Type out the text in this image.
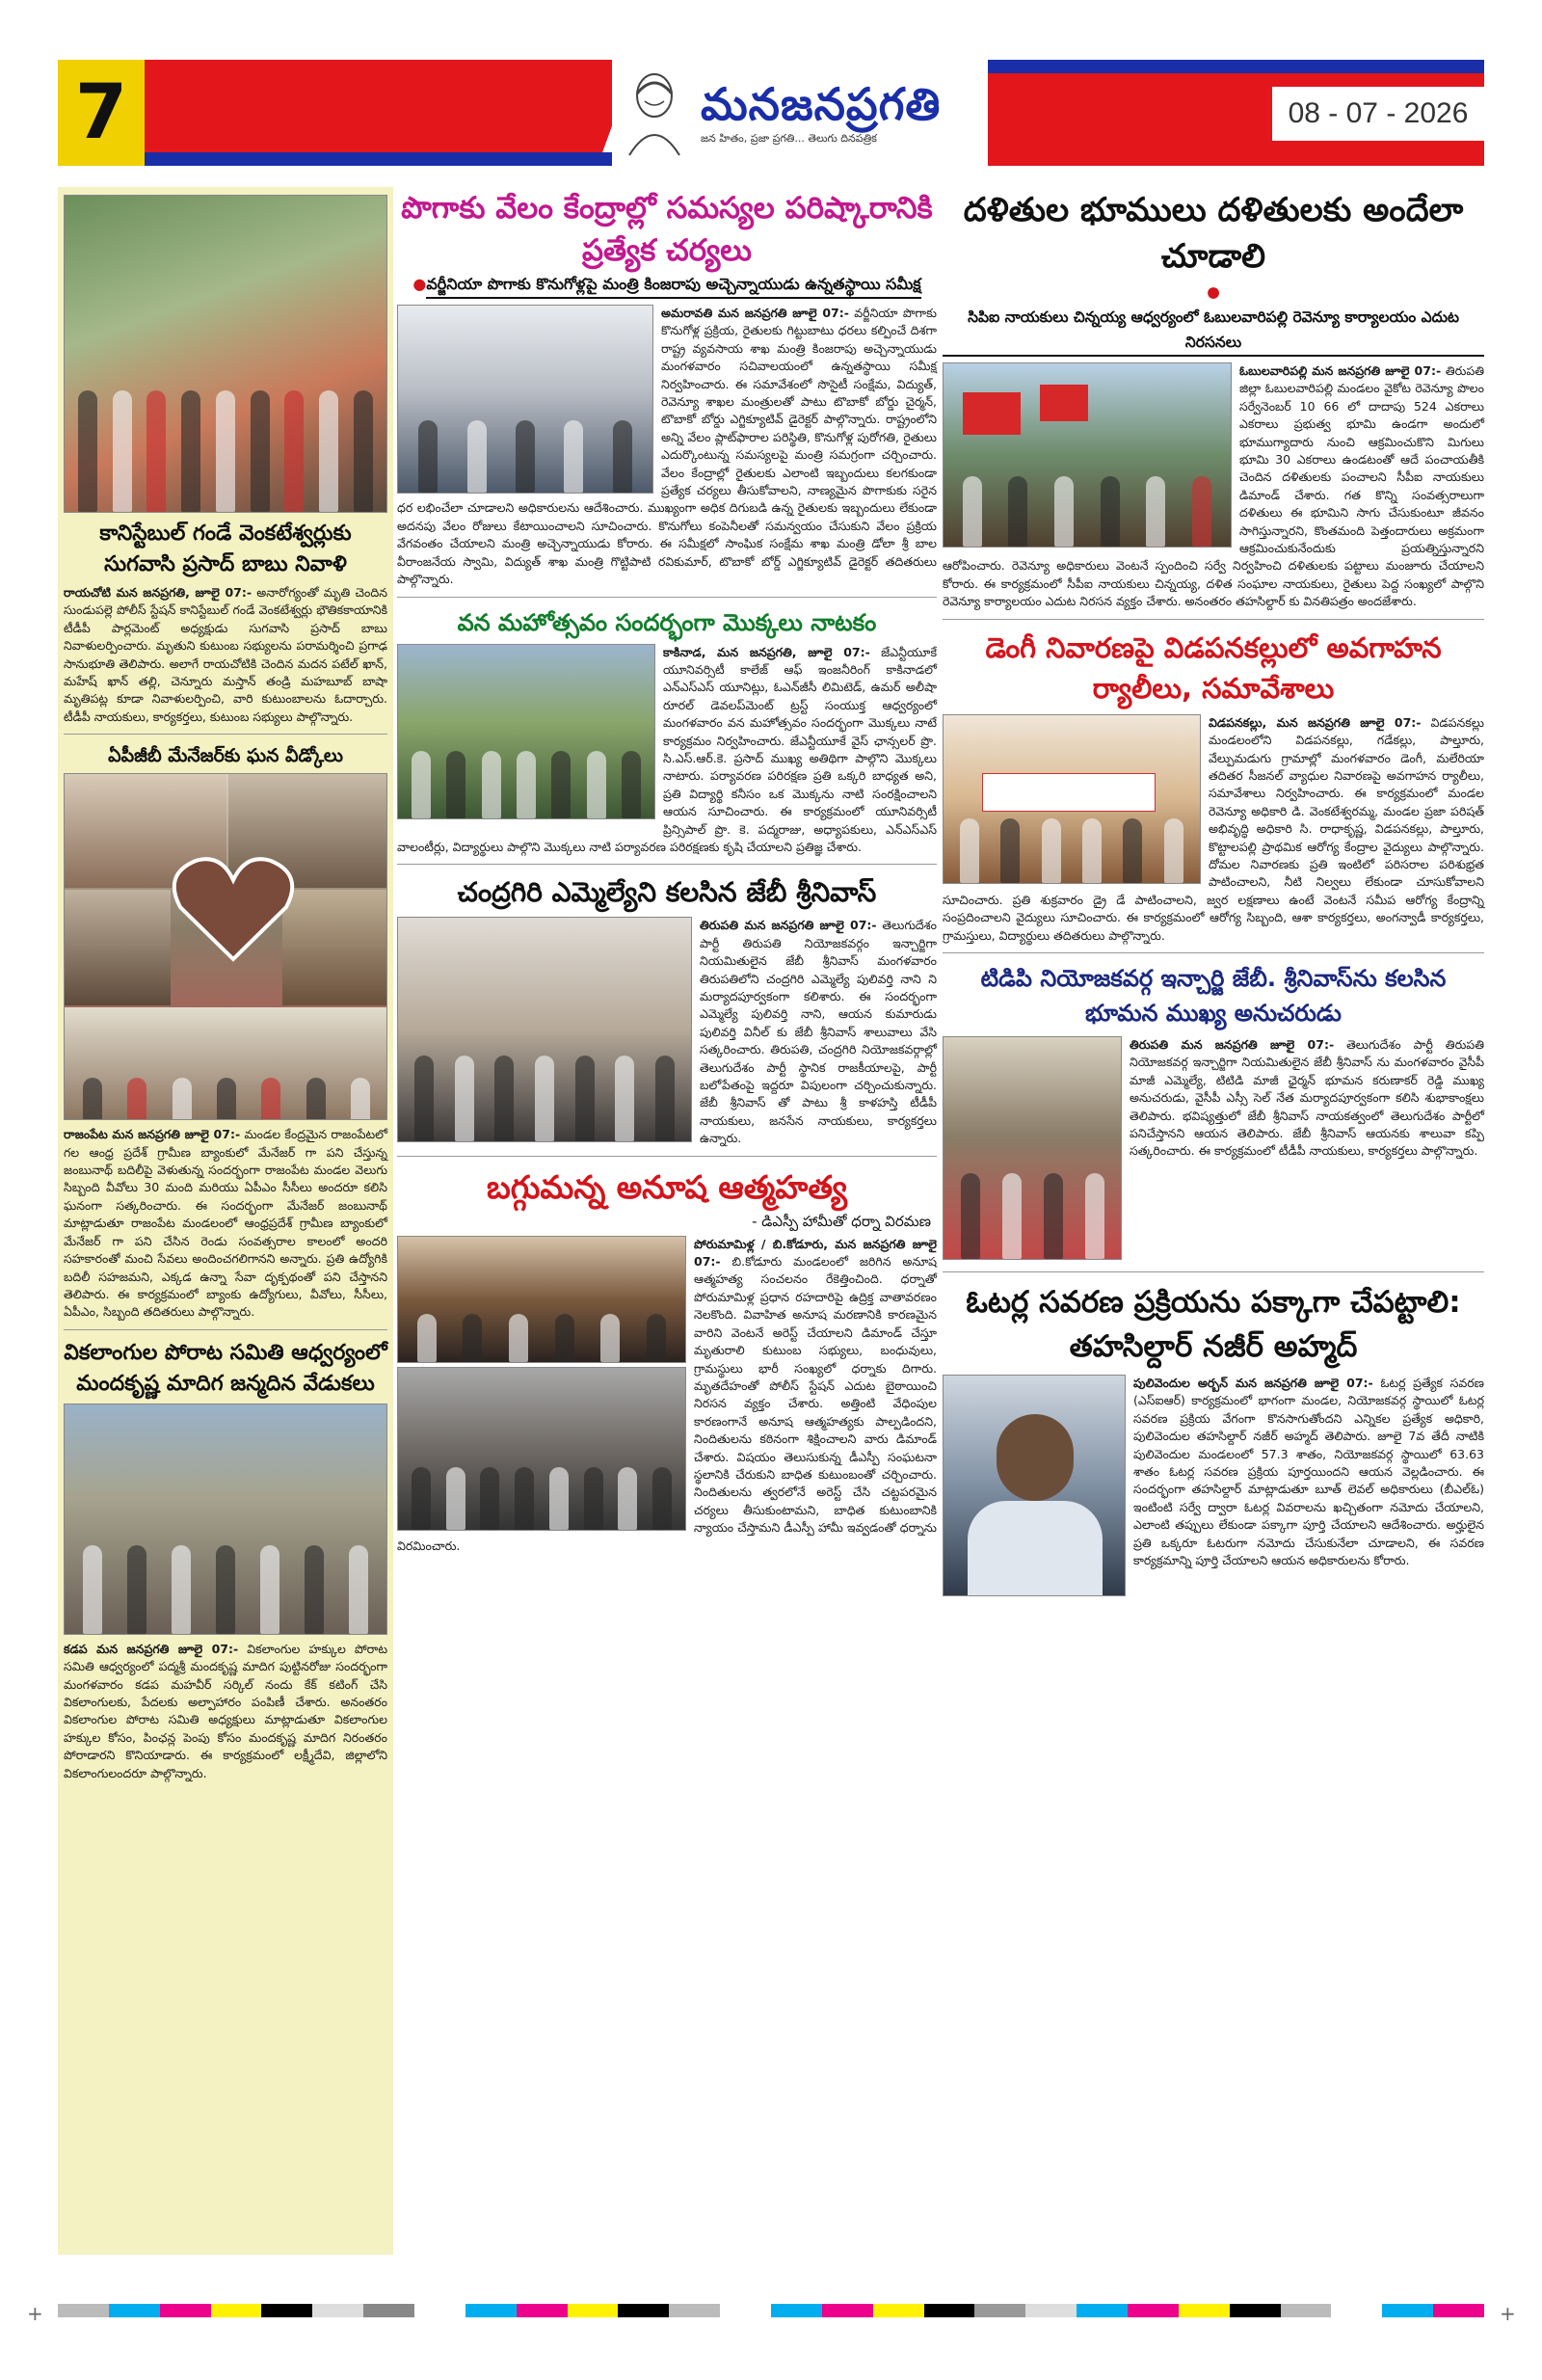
7	మనజనప్రగతి
జన హితం, ప్రజా ప్రగతి... తెలుగు దినపత్రిక
08 - 07 - 2026
కానిస్టేబుల్ గండే వెంకటేశ్వర్లుకు సుగవాసి ప్రసాద్ బాబు నివాళి

రాయచోటి మన జనప్రగతి, జూలై 07:- అనారోగ్యంతో మృతి చెందిన సుండుపల్లె పోలీస్ స్టేషన్ కానిస్టేబుల్ గండే వెంకటేశ్వర్లు భౌతికకాయానికి టీడీపీ పార్లమెంట్ అధ్యక్షుడు సుగవాసి ప్రసాద్ బాబు నివాళులర్పించారు. మృతుని కుటుంబ సభ్యులను పరామర్శించి ప్రగాఢ సానుభూతి తెలిపారు. అలాగే రాయచోటికి చెందిన మదన పటేల్ ఖాన్, మహేష్ ఖాన్ తల్లి, చెన్నూరు మస్తాన్ తండ్రి మహబూబ్ బాషా మృతిపట్ల కూడా నివాళులర్పించి, వారి కుటుంబాలను ఓదార్చారు. టీడీపీ నాయకులు, కార్యకర్తలు, కుటుంబ సభ్యులు పాల్గొన్నారు.

ఏపీజీబీ మేనేజర్‌కు ఘన వీడ్కోలు

రాజంపేట మన జనప్రగతి జూలై 07:- మండల కేంద్రమైన రాజంపేటలో గల ఆంధ్ర ప్రదేశ్ గ్రామీణ బ్యాంకులో మేనేజర్ గా పని చేస్తున్న జంబునాథ్ బదిలీపై వెళుతున్న సందర్భంగా రాజంపేట మండల వెలుగు సిబ్బంది వీవోలు 30 మంది మరియు ఏపీఎం సీసీలు అందరూ కలిసి ఘనంగా సత్కరించారు. ఈ సందర్భంగా మేనేజర్ జంబునాథ్ మాట్లాడుతూ రాజంపేట మండలంలో ఆంధ్రప్రదేశ్ గ్రామీణ బ్యాంకులో మేనేజర్ గా పని చేసిన రెండు సంవత్సరాల కాలంలో అందరి సహకారంతో మంచి సేవలు అందించగలిగానని అన్నారు. ప్రతి ఉద్యోగికి బదిలీ సహజమని, ఎక్కడ ఉన్నా సేవా దృక్పథంతో పని చేస్తానని తెలిపారు. ఈ కార్యక్రమంలో బ్యాంకు ఉద్యోగులు, వీవోలు, సీసీలు, ఏపీఎం, సిబ్బంది తదితరులు పాల్గొన్నారు.

వికలాంగుల పోరాట సమితి ఆధ్వర్యంలో మందకృష్ణ మాదిగ జన్మదిన వేడుకలు

కడప మన జనప్రగతి జూలై 07:- వికలాంగుల హక్కుల పోరాట సమితి ఆధ్వర్యంలో పద్మశ్రీ మందకృష్ణ మాదిగ పుట్టినరోజు సందర్భంగా మంగళవారం కడప మహవీర్ సర్కిల్ నందు కేక్ కటింగ్ చేసి వికలాంగులకు, పేదలకు అల్పాహారం పంపిణీ చేశారు. అనంతరం వికలాంగుల పోరాట సమితి అధ్యక్షులు మాట్లాడుతూ వికలాంగుల హక్కుల కోసం, పింఛన్ల పెంపు కోసం మందకృష్ణ మాదిగ నిరంతరం పోరాడారని కొనియాడారు. ఈ కార్యక్రమంలో లక్ష్మీదేవి, జిల్లాలోని వికలాంగులందరూ పాల్గొన్నారు.

పొగాకు వేలం కేంద్రాల్లో సమస్యల పరిష్కారానికి ప్రత్యేక చర్యలు

●వర్జీనియా పొగాకు కొనుగోళ్లపై మంత్రి కింజరాపు అచ్చెన్నాయుడు ఉన్నతస్థాయి సమీక్ష

అమరావతి మన జనప్రగతి జూలై 07:- వర్జీనియా పొగాకు కొనుగోళ్ల ప్రక్రియ, రైతులకు గిట్టుబాటు ధరలు కల్పించే దిశగా రాష్ట్ర వ్యవసాయ శాఖ మంత్రి కింజరాపు అచ్చెన్నాయుడు మంగళవారం సచివాలయంలో ఉన్నతస్థాయి సమీక్ష నిర్వహించారు. ఈ సమావేశంలో సొసైటీ సంక్షేమ, విద్యుత్, రెవెన్యూ శాఖల మంత్రులతో పాటు టొబాకో బోర్డు చైర్మన్, టొబాకో బోర్డు ఎగ్జిక్యూటివ్ డైరెక్టర్ పాల్గొన్నారు. రాష్ట్రంలోని అన్ని వేలం ప్లాట్‌ఫారాల పరిస్థితి, కొనుగోళ్ల పురోగతి, రైతులు ఎదుర్కొంటున్న సమస్యలపై మంత్రి సమగ్రంగా చర్చించారు. వేలం కేంద్రాల్లో రైతులకు ఎలాంటి ఇబ్బందులు కలగకుండా ప్రత్యేక చర్యలు తీసుకోవాలని, నాణ్యమైన పొగాకుకు సరైన ధర లభించేలా చూడాలని అధికారులను ఆదేశించారు. ముఖ్యంగా అధిక దిగుబడి ఉన్న రైతులకు ఇబ్బందులు లేకుండా అదనపు వేలం రోజులు కేటాయించాలని సూచించారు. కొనుగోలు కంపెనీలతో సమన్వయం చేసుకుని వేలం ప్రక్రియ వేగవంతం చేయాలని మంత్రి అచ్చెన్నాయుడు కోరారు. ఈ సమీక్షలో సాంఘిక సంక్షేమ శాఖ మంత్రి డోలా శ్రీ బాల వీరాంజనేయ స్వామి, విద్యుత్ శాఖ మంత్రి గొట్టిపాటి రవికుమార్, టొబాకో బోర్డ్ ఎగ్జిక్యూటివ్ డైరెక్టర్ తదితరులు పాల్గొన్నారు.

వన మహోత్సవం సందర్భంగా మొక్కలు నాటకం

కాకినాడ, మన జనప్రగతి, జూలై 07:- జేఎన్టీయూకే యూనివర్సిటీ కాలేజ్ ఆఫ్ ఇంజనీరింగ్ కాకినాడలో ఎన్ఎస్ఎస్ యూనిట్లు, ఓఎన్‌జీసీ లిమిటెడ్, ఉమర్ అలీషా రూరల్ డెవలప్‌మెంట్ ట్రస్ట్ సంయుక్త ఆధ్వర్యంలో మంగళవారం వన మహోత్సవం సందర్భంగా మొక్కలు నాటే కార్యక్రమం నిర్వహించారు. జేఎన్టీయూకే వైస్ ఛాన్సలర్ ప్రొ. సి.ఎస్.ఆర్.కె. ప్రసాద్ ముఖ్య అతిథిగా పాల్గొని మొక్కలు నాటారు. పర్యావరణ పరిరక్షణ ప్రతి ఒక్కరి బాధ్యత అని, ప్రతి విద్యార్థి కనీసం ఒక మొక్కను నాటి సంరక్షించాలని ఆయన సూచించారు. ఈ కార్యక్రమంలో యూనివర్సిటీ ప్రిన్సిపాల్ ప్రొ. కె. పద్మరాజు, అధ్యాపకులు, ఎన్ఎస్ఎస్ వాలంటీర్లు, విద్యార్థులు పాల్గొని మొక్కలు నాటి పర్యావరణ పరిరక్షణకు కృషి చేయాలని ప్రతిజ్ఞ చేశారు.

చంద్రగిరి ఎమ్మెల్యేని కలసిన జేబీ శ్రీనివాస్

తిరుపతి మన జనప్రగతి జూలై 07:- తెలుగుదేశం పార్టీ తిరుపతి నియోజకవర్గం ఇన్చార్జిగా నియమితులైన జేబీ శ్రీనివాస్ మంగళవారం తిరుపతిలోని చంద్రగిరి ఎమ్మెల్యే పులివర్తి నాని ని మర్యాదపూర్వకంగా కలిశారు. ఈ సందర్భంగా ఎమ్మెల్యే పులివర్తి నాని, ఆయన కుమారుడు పులివర్తి వినీల్ కు జేబీ శ్రీనివాస్ శాలువాలు వేసి సత్కరించారు. తిరుపతి, చంద్రగిరి నియోజకవర్గాల్లో తెలుగుదేశం పార్టీ స్థానిక రాజకీయాలపై, పార్టీ బలోపేతంపై ఇద్దరూ విపులంగా చర్చించుకున్నారు. జేబీ శ్రీనివాస్ తో పాటు శ్రీ కాళహస్తి టీడీపీ నాయకులు, జనసేన నాయకులు, కార్యకర్తలు ఉన్నారు.

బగ్గుమన్న అనూష ఆత్మహత్య

- డిఎస్పీ హామీతో ధర్నా విరమణ

పోరుమామిళ్ల / బి.కోడూరు, మన జనప్రగతి జూలై 07:- బి.కోడూరు మండలంలో జరిగిన అనూష ఆత్మహత్య సంచలనం రేకెత్తించింది. ధర్నాతో పోరుమామిళ్ల ప్రధాన రహదారిపై ఉద్రిక్త వాతావరణం నెలకొంది. వివాహిత అనూష మరణానికి కారణమైన వారిని వెంటనే అరెస్ట్ చేయాలని డిమాండ్ చేస్తూ మృతురాలి కుటుంబ సభ్యులు, బంధువులు, గ్రామస్థులు భారీ సంఖ్యలో ధర్నాకు దిగారు. మృతదేహంతో పోలీస్ స్టేషన్ ఎదుట బైఠాయించి నిరసన వ్యక్తం చేశారు. అత్తింటి వేధింపుల కారణంగానే అనూష ఆత్మహత్యకు పాల్పడిందని, నిందితులను కఠినంగా శిక్షించాలని వారు డిమాండ్ చేశారు. విషయం తెలుసుకున్న డీఎస్పీ సంఘటనా స్థలానికి చేరుకుని బాధిత కుటుంబంతో చర్చించారు. నిందితులను త్వరలోనే అరెస్ట్ చేసి చట్టపరమైన చర్యలు తీసుకుంటామని, బాధిత కుటుంబానికి న్యాయం చేస్తామని డీఎస్పీ హామీ ఇవ్వడంతో ధర్నాను విరమించారు.

దళితుల భూములు దళితులకు అందేలా చూడాలి

●సిపిఐ నాయకులు చిన్నయ్య ఆధ్వర్యంలో ఓబులవారిపల్లి రెవెన్యూ కార్యాలయం ఎదుట నిరసనలు

ఓబులవారిపల్లి మన జనప్రగతి జూలై 07:- తిరుపతి జిల్లా ఓబులవారిపల్లి మండలం వైకోట రెవెన్యూ పొలం సర్వేనెంబర్ 10 66 లో దాదాపు 524 ఎకరాలు ఎకరాలు ప్రభుత్వ భూమి ఉండగా అందులో భూముగ్యాదారు నుంచి ఆక్రమించుకొని మిగులు భూమి 30 ఎకరాలు ఉండటంతో ఆదే పంచాయతీకి చెందిన దళితులకు పంచాలని సీపీఐ నాయకులు డిమాండ్ చేశారు. గత కొన్ని సంవత్సరాలుగా దళితులు ఈ భూమిని సాగు చేసుకుంటూ జీవనం సాగిస్తున్నారని, కొంతమంది పెత్తందారులు అక్రమంగా ఆక్రమించుకునేందుకు ప్రయత్నిస్తున్నారని ఆరోపించారు. రెవెన్యూ అధికారులు వెంటనే స్పందించి సర్వే నిర్వహించి దళితులకు పట్టాలు మంజూరు చేయాలని కోరారు. ఈ కార్యక్రమంలో సీపీఐ నాయకులు చిన్నయ్య, దళిత సంఘాల నాయకులు, రైతులు పెద్ద సంఖ్యలో పాల్గొని రెవెన్యూ కార్యాలయం ఎదుట నిరసన వ్యక్తం చేశారు. అనంతరం తహసిల్దార్ కు వినతిపత్రం అందజేశారు.

డెంగీ నివారణపై విడపనకల్లులో అవగాహన ర్యాలీలు, సమావేశాలు

విడపనకల్లు, మన జనప్రగతి జూలై 07:- విడపనకల్లు మండలంలోని విడపనకల్లు, గడేకల్లు, పాల్తూరు, వేల్పుమడుగు గ్రామాల్లో మంగళవారం డెంగీ, మలేరియా తదితర సీజనల్ వ్యాధుల నివారణపై అవగాహన ర్యాలీలు, సమావేశాలు నిర్వహించారు. ఈ కార్యక్రమంలో మండల రెవెన్యూ అధికారి డి. వెంకటేశ్వరమ్మ, మండల ప్రజా పరిషత్ అభివృద్ధి అధికారి సి. రాధాకృష్ణ, విడపనకల్లు, పాల్తూరు, కొట్టాలపల్లి ప్రాథమిక ఆరోగ్య కేంద్రాల వైద్యులు పాల్గొన్నారు. దోమల నివారణకు ప్రతి ఇంటిలో పరిసరాల పరిశుభ్రత పాటించాలని, నీటి నిల్వలు లేకుండా చూసుకోవాలని సూచించారు. ప్రతి శుక్రవారం డ్రై డే పాటించాలని, జ్వర లక్షణాలు ఉంటే వెంటనే సమీప ఆరోగ్య కేంద్రాన్ని సంప్రదించాలని వైద్యులు సూచించారు. ఈ కార్యక్రమంలో ఆరోగ్య సిబ్బంది, ఆశా కార్యకర్తలు, అంగన్వాడీ కార్యకర్తలు, గ్రామస్తులు, విద్యార్థులు తదితరులు పాల్గొన్నారు.

టిడిపి నియోజకవర్గ ఇన్చార్జి జేబీ. శ్రీనివాస్‌ను కలసిన భూమన ముఖ్య అనుచరుడు

తిరుపతి మన జనప్రగతి జూలై 07:- తెలుగుదేశం పార్టీ తిరుపతి నియోజకవర్గ ఇన్చార్జిగా నియమితులైన జేబీ శ్రీనివాస్ ను మంగళవారం వైసీపీ మాజీ ఎమ్మెల్యే, టిటిడి మాజీ ఛైర్మన్ భూమన కరుణాకర్ రెడ్డి ముఖ్య అనుచరుడు, వైసీపీ ఎస్సీ సెల్ నేత మర్యాదపూర్వకంగా కలిసి శుభాకాంక్షలు తెలిపారు. భవిష్యత్తులో జేబీ శ్రీనివాస్ నాయకత్వంలో తెలుగుదేశం పార్టీలో పనిచేస్తానని ఆయన తెలిపారు. జేబీ శ్రీనివాస్ ఆయనకు శాలువా కప్పి సత్కరించారు. ఈ కార్యక్రమంలో టీడీపీ నాయకులు, కార్యకర్తలు పాల్గొన్నారు.

ఓటర్ల సవరణ ప్రక్రియను పక్కాగా చేపట్టాలి: తహసిల్దార్ నజీర్ అహ్మద్

పులివెందుల అర్బన్ మన జనప్రగతి జూలై 07:- ఓటర్ల ప్రత్యేక సవరణ (ఎస్ఐఆర్) కార్యక్రమంలో భాగంగా మండల, నియోజకవర్గ స్థాయిలో ఓటర్ల సవరణ ప్రక్రియ వేగంగా కొనసాగుతోందని ఎన్నికల ప్రత్యేక అధికారి, పులివెందుల తహసిల్దార్ నజీర్ అహ్మద్ తెలిపారు. జూలై 7వ తేదీ నాటికి పులివెందుల మండలంలో 57.3 శాతం, నియోజకవర్గ స్థాయిలో 63.63 శాతం ఓటర్ల సవరణ ప్రక్రియ పూర్తయిందని ఆయన వెల్లడించారు. ఈ సందర్భంగా తహసిల్దార్ మాట్లాడుతూ బూత్ లెవల్ అధికారులు (బీఎల్ఓ) ఇంటింటి సర్వే ద్వారా ఓటర్ల వివరాలను ఖచ్చితంగా నమోదు చేయాలని, ఎలాంటి తప్పులు లేకుండా పక్కాగా పూర్తి చేయాలని ఆదేశించారు. అర్హులైన ప్రతి ఒక్కరూ ఓటరుగా నమోదు చేసుకునేలా చూడాలని, ఈ సవరణ కార్యక్రమాన్ని పూర్తి చేయాలని ఆయన అధికారులను కోరారు.

+	+
